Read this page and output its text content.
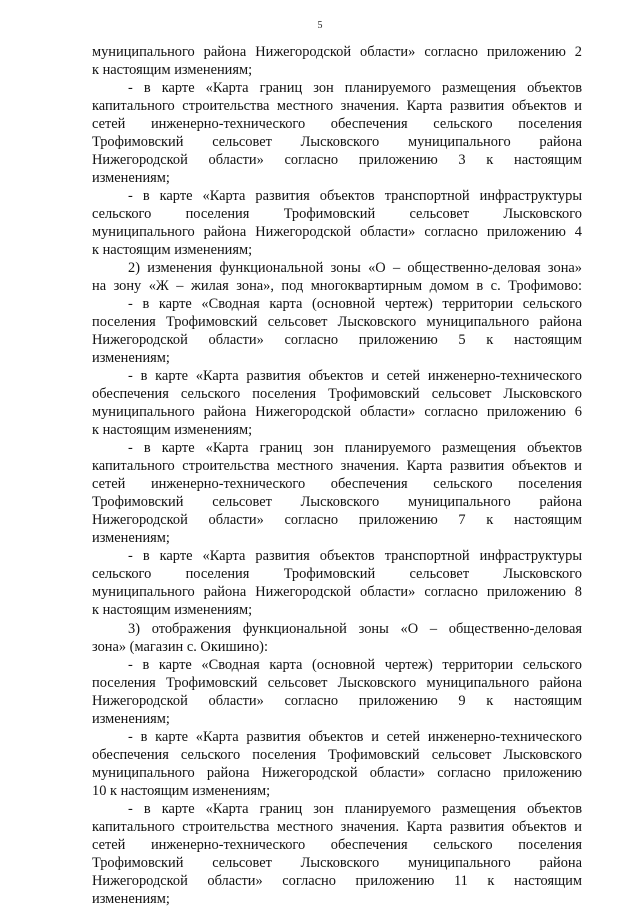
5
муниципального района Нижегородской области» согласно приложению 2
к настоящим изменениям;
- в карте «Карта границ зон планируемого размещения объектов
капитального строительства местного значения. Карта развития объектов и
сетей инженерно-технического обеспечения сельского поселения
Трофимовский сельсовет Лысковского муниципального района
Нижегородской области» согласно приложению 3 к настоящим
изменениям;
- в карте «Карта развития объектов транспортной инфраструктуры
сельского поселения Трофимовский сельсовет Лысковского
муниципального района Нижегородской области» согласно приложению 4
к настоящим изменениям;
2) изменения функциональной зоны «О – общественно-деловая зона»
на зону «Ж – жилая зона», под многоквартирным домом в с. Трофимово:
- в карте «Сводная карта (основной чертеж) территории сельского
поселения Трофимовский сельсовет Лысковского муниципального района
Нижегородской области» согласно приложению 5 к настоящим
изменениям;
- в карте «Карта развития объектов и сетей инженерно-технического
обеспечения сельского поселения Трофимовский сельсовет Лысковского
муниципального района Нижегородской области» согласно приложению 6
к настоящим изменениям;
- в карте «Карта границ зон планируемого размещения объектов
капитального строительства местного значения. Карта развития объектов и
сетей инженерно-технического обеспечения сельского поселения
Трофимовский сельсовет Лысковского муниципального района
Нижегородской области» согласно приложению 7 к настоящим
изменениям;
- в карте «Карта развития объектов транспортной инфраструктуры
сельского поселения Трофимовский сельсовет Лысковского
муниципального района Нижегородской области» согласно приложению 8
к настоящим изменениям;
3) отображения функциональной зоны «О – общественно-деловая
зона» (магазин с. Окишино):
- в карте «Сводная карта (основной чертеж) территории сельского
поселения Трофимовский сельсовет Лысковского муниципального района
Нижегородской области» согласно приложению 9 к настоящим
изменениям;
- в карте «Карта развития объектов и сетей инженерно-технического
обеспечения сельского поселения Трофимовский сельсовет Лысковского
муниципального района Нижегородской области» согласно приложению
10 к настоящим изменениям;
- в карте «Карта границ зон планируемого размещения объектов
капитального строительства местного значения. Карта развития объектов и
сетей инженерно-технического обеспечения сельского поселения
Трофимовский сельсовет Лысковского муниципального района
Нижегородской области» согласно приложению 11 к настоящим
изменениям;
